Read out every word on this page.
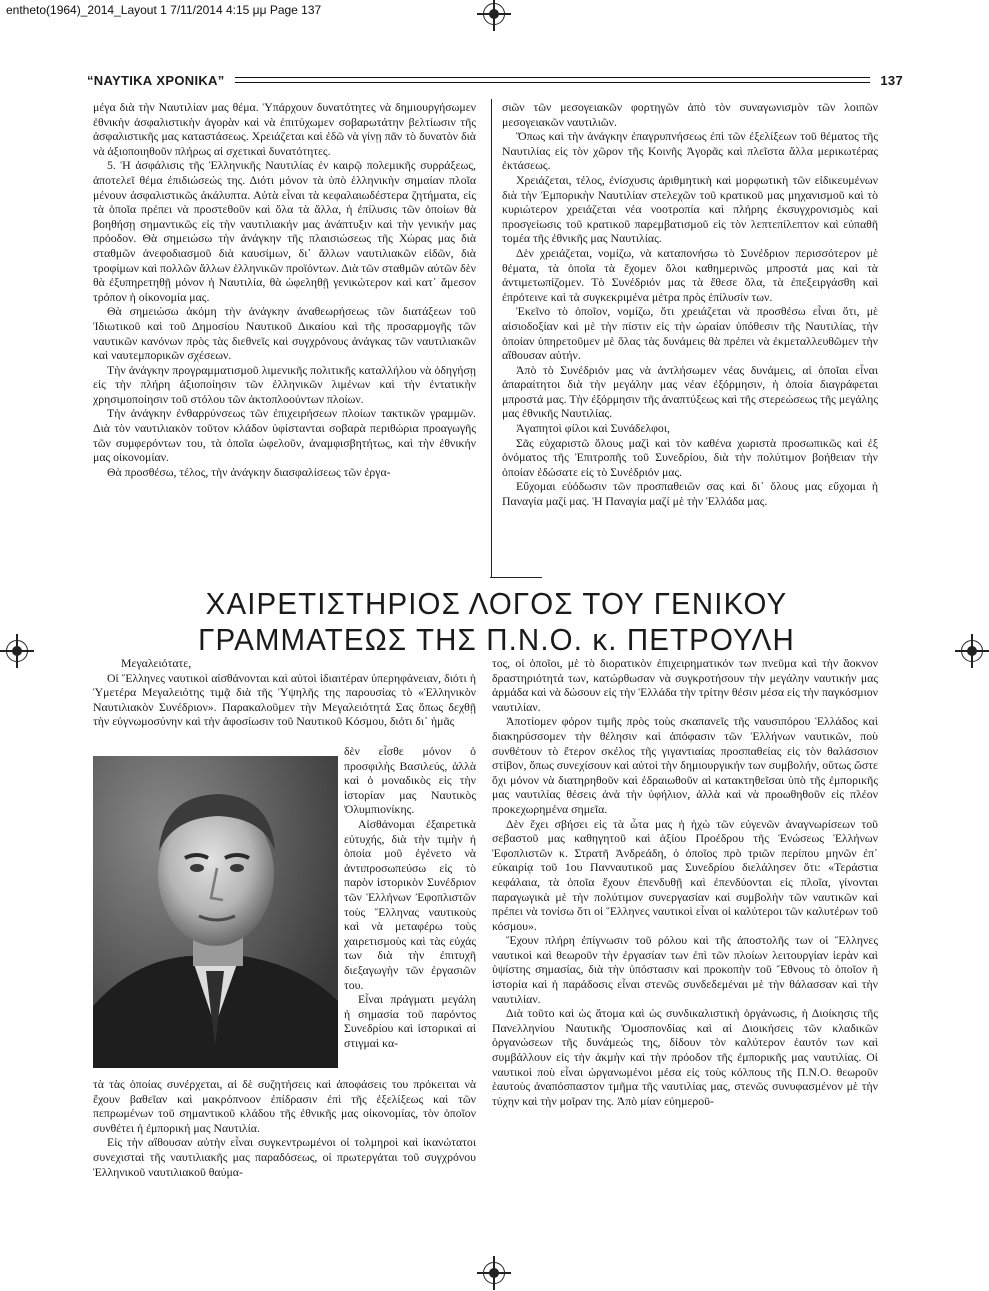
entheto(1964)_2014_Layout 1 7/11/2014 4:15 μμ Page 137
“ΝΑΥΤΙΚΑ ΧΡΟΝΙΚΑ”	137

μέγα διὰ τὴν Ναυτιλίαν μας θέμα. Ὑπάρχουν δυνατότητες νὰ δημιουργήσωμεν ἐθνικὴν ἀσφαλιστικὴν ἀγορὰν καὶ νὰ ἐπιτύχωμεν σοβαρωτάτην βελτίωσιν τῆς ἀσφαλιστικῆς μας καταστάσεως. Χρειάζεται καὶ ἐδῶ νὰ γίνῃ πᾶν τὸ δυνατὸν διὰ νὰ ἀξιοποιηθοῦν πλήρως αἱ σχετικαὶ δυνατότητες.

5. Ἡ ἀσφάλισις τῆς Ἑλληνικῆς Ναυτιλίας ἐν καιρῷ πολεμικῆς συρράξεως, ἀποτελεῖ θέμα ἐπιδιώσεώς της. Διότι μόνον τὰ ὑπὸ ἑλληνικὴν σημαίαν πλοῖα μένουν ἀσφαλιστικῶς ἀκάλυπτα. Αὐτὰ εἶναι τὰ κεφαλαιωδέστερα ζητήματα, εἰς τὰ ὁποῖα πρέπει νὰ προστεθοῦν καὶ ὅλα τὰ ἄλλα, ἡ ἐπίλυσις τῶν ὁποίων θὰ βοηθήσῃ σημαντικῶς εἰς τὴν ναυτιλιακήν μας ἀνάπτυξιν καὶ τὴν γενικήν μας πρόοδον. Θὰ σημειώσω τὴν ἀνάγκην τῆς πλαισιώσεως τῆς Χώρας μας διὰ σταθμῶν ἀνεφοδιασμοῦ διὰ καυσίμων, δι᾿ ἄλλων ναυτιλιακῶν εἰδῶν, διὰ τροφίμων καὶ πολλῶν ἄλλων ἑλληνικῶν προϊόντων. Διὰ τῶν σταθμῶν αὐτῶν δὲν θὰ ἐξυπηρετηθῇ μόνον ἡ Ναυτιλία, θὰ ὠφεληθῇ γενικώτερον καὶ κατ᾿ ἄμεσον τρόπον ἡ οἰκονομία μας.

Θὰ σημειώσω ἀκόμη τὴν ἀνάγκην ἀναθεωρήσεως τῶν διατάξεων τοῦ Ἰδιωτικοῦ καὶ τοῦ Δημοσίου Ναυτικοῦ Δικαίου καὶ τῆς προσαρμογῆς τῶν ναυτικῶν κανόνων πρὸς τὰς διεθνεῖς καὶ συγχρόνους ἀνάγκας τῶν ναυτιλιακῶν καὶ ναυτεμπορικῶν σχέσεων.

Τὴν ἀνάγκην προγραμματισμοῦ λιμενικῆς πολιτικῆς καταλλήλου νὰ ὁδηγήσῃ εἰς τὴν πλήρη ἀξιοποίησιν τῶν ἑλληνικῶν λιμένων καὶ τὴν ἐντατικὴν χρησιμοποίησιν τοῦ στόλου τῶν ἀκτοπλοούντων πλοίων.

Τὴν ἀνάγκην ἐνθαρρύνσεως τῶν ἐπιχειρήσεων πλοίων τακτικῶν γραμμῶν. Διὰ τὸν ναυτιλιακὸν τοῦτον κλάδον ὑφίστανται σοβαρὰ περιθώρια προαγωγῆς τῶν συμφερόντων του, τὰ ὁποῖα ὠφελοῦν, ἀναμφισβητήτως, καὶ τὴν ἐθνικήν μας οἰκονομίαν.

Θὰ προσθέσω, τέλος, τὴν ἀνάγκην διασφαλίσεως τῶν ἐργα-

σιῶν τῶν μεσογειακῶν φορτηγῶν ἀπὸ τὸν συναγωνισμὸν τῶν λοιπῶν μεσογειακῶν ναυτιλιῶν.

Ὅπως καὶ τὴν ἀνάγκην ἐπαγρυπνήσεως ἐπὶ τῶν ἐξελίξεων τοῦ θέματος τῆς Ναυτιλίας εἰς τὸν χῶρον τῆς Κοινῆς Ἀγορᾶς καὶ πλεῖστα ἄλλα μερικωτέρας ἐκτάσεως.

Χρειάζεται, τέλος, ἐνίσχυσις ἀριθμητικὴ καὶ μορφωτικὴ τῶν εἰδικευμένων διὰ τὴν Ἐμπορικὴν Ναυτιλίαν στελεχῶν τοῦ κρατικοῦ μας μηχανισμοῦ καὶ τὸ κυριώτερον χρειάζεται νέα νοοτροπία καὶ πλήρης ἐκσυγχρονισμὸς καὶ προσγείωσις τοῦ κρατικοῦ παρεμβατισμοῦ εἰς τὸν λεπτεπίλεπτον καὶ εὐπαθῆ τομέα τῆς ἐθνικῆς μας Ναυτιλίας.

Δὲν χρειάζεται, νομίζω, νὰ καταπονήσω τὸ Συνέδριον περισσότερον μὲ θέματα, τὰ ὁποῖα τὰ ἔχομεν ὅλοι καθημερινῶς μπροστά μας καὶ τὰ ἀντιμετωπίζομεν. Τὸ Συνέδριόν μας τὰ ἔθεσε ὅλα, τὰ ἐπεξειργάσθη καὶ ἐπρότεινε καὶ τὰ συγκεκριμένα μέτρα πρὸς ἐπίλυσίν των.

Ἐκεῖνο τὸ ὁποῖον, νομίζω, ὅτι χρειάζεται νὰ προσθέσω εἶναι ὅτι, μὲ αἰσιοδοξίαν καὶ μὲ τὴν πίστιν εἰς τὴν ὡραίαν ὑπόθεσιν τῆς Ναυτιλίας, τὴν ὁποίαν ὑπηρετοῦμεν μὲ ὅλας τὰς δυνάμεις θὰ πρέπει νὰ ἐκμεταλλευθῶμεν τὴν αἴθουσαν αὐτήν.

Ἀπὸ τὸ Συνέδριόν μας νὰ ἀντλήσωμεν νέας δυνάμεις, αἱ ὁποῖαι εἶναι ἀπαραίτητοι διὰ τὴν μεγάλην μας νέαν ἐξόρμησιν, ἡ ὁποία διαγράφεται μπροστά μας. Τὴν ἐξόρμησιν τῆς ἀναπτύξεως καὶ τῆς στερεώσεως τῆς μεγάλης μας ἐθνικῆς Ναυτιλίας.

Ἀγαπητοὶ φίλοι καὶ Συνάδελφοι,

Σᾶς εὐχαριστῶ ὅλους μαζὶ καὶ τὸν καθένα χωριστὰ προσωπικῶς καὶ ἐξ ὀνόματος τῆς Ἐπιτροπῆς τοῦ Συνεδρίου, διὰ τὴν πολύτιμον βοήθειαν τὴν ὁποίαν ἐδώσατε εἰς τὸ Συνέδριόν μας.

Εὔχομαι εὐόδωσιν τῶν προσπαθειῶν σας καὶ δι᾿ ὅλους μας εὔχομαι ἡ Παναγία μαζί μας. Ἡ Παναγία μαζί μὲ τὴν Ἑλλάδα μας.

ΧΑΙΡΕΤΙΣΤΗΡΙΟΣ ΛΟΓΟΣ ΤΟΥ ΓΕΝΙΚΟΥ
ΓΡΑΜΜΑΤΕΩΣ ΤΗΣ Π.Ν.Ο. κ. ΠΕΤΡΟΥΛΗ

Μεγαλειότατε,

Οἱ Ἕλληνες ναυτικοὶ αἰσθάνονται καὶ αὐτοὶ ἰδιαιτέραν ὑπερηφάνειαν, διότι ἡ Ὑμετέρα Μεγαλειότης τιμᾷ διὰ τῆς Ὑψηλῆς της παρουσίας τὸ «Ἑλληνικὸν Ναυτιλιακὸν Συνέδριον». Παρακαλοῦμεν τὴν Μεγαλειότητά Σας ὅπως δεχθῇ τὴν εὐγνωμοσύνην καὶ τὴν ἀφοσίωσιν τοῦ Ναυτικοῦ Κόσμου, διότι δι᾿ ἡμᾶς

δὲν εἶσθε μόνον ὁ προσφιλὴς Βασιλεύς, ἀλλὰ καὶ ὁ μοναδικὸς εἰς τὴν ἱστορίαν μας Ναυτικὸς Ὀλυμπιονίκης.

Αἰσθάνομαι ἐξαιρετικὰ εὐτυχής, διὰ τὴν τιμὴν ἡ ὁποία μοῦ ἐγένετο νὰ ἀντιπροσωπεύσω εἰς τὸ παρὸν ἱστορικὸν Συνέδριον τῶν Ἑλλήνων Ἐφοπλιστῶν τοὺς Ἕλληνας ναυτικοὺς καὶ νὰ μεταφέρω τοὺς χαιρετισμοὺς καὶ τὰς εὐχάς των διὰ τὴν ἐπιτυχῆ διεξαγωγὴν τῶν ἐργασιῶν του.

Εἶναι πράγματι μεγάλη ἡ σημασία τοῦ παρόντος Συνεδρίου καὶ ἱστορικαὶ αἱ στιγμαὶ κα-

τὰ τὰς ὁποίας συνέρχεται, αἱ δὲ συζητήσεις καὶ ἀποφάσεις του πρόκειται νὰ ἔχουν βαθεῖαν καὶ μακρόπνοον ἐπίδρασιν ἐπὶ τῆς ἐξελίξεως καὶ τῶν πεπρωμένων τοῦ σημαντικοῦ κλάδου τῆς ἐθνικῆς μας οἰκονομίας, τὸν ὁποῖον συνθέτει ἡ ἐμπορική μας Ναυτιλία.

Εἰς τὴν αἴθουσαν αὐτὴν εἶναι συγκεντρωμένοι οἱ τολμηροὶ καὶ ἱκανώτατοι συνεχισταὶ τῆς ναυτιλιακῆς μας παραδόσεως, οἱ πρωτεργάται τοῦ συγχρόνου Ἑλληνικοῦ ναυτιλιακοῦ θαύμα-

τος, οἱ ὁποῖοι, μὲ τὸ διορατικὸν ἐπιχειρηματικόν των πνεῦμα καὶ τὴν ἄοκνον δραστηριότητά των, κατώρθωσαν νὰ συγκροτήσουν τὴν μεγάλην ναυτικήν μας ἀρμάδα καὶ νὰ δώσουν εἰς τὴν Ἑλλάδα τὴν τρίτην θέσιν μέσα εἰς τὴν παγκόσμιον ναυτιλίαν.

Ἀποτίομεν φόρον τιμῆς πρὸς τοὺς σκαπανεῖς τῆς ναυσιπόρου Ἑλλάδος καὶ διακηρύσσομεν τὴν θέλησιν καὶ ἀπόφασιν τῶν Ἑλλήνων ναυτικῶν, ποὺ συνθέτουν τὸ ἕτερον σκέλος τῆς γιγαντιαίας προσπαθείας εἰς τὸν θαλάσσιον στίβον, ὅπως συνεχίσουν καὶ αὐτοὶ τὴν δημιουργικήν των συμβολήν, οὕτως ὥστε ὄχι μόνον νὰ διατηρηθοῦν καὶ ἑδραιωθοῦν αἱ κατακτηθεῖσαι ὑπὸ τῆς ἐμπορικῆς μας ναυτιλίας θέσεις ἀνὰ τὴν ὑφήλιον, ἀλλὰ καὶ νὰ προωθηθοῦν εἰς πλέον προκεχωρημένα σημεῖα.

Δὲν ἔχει σβήσει εἰς τὰ ὦτα μας ἡ ἠχὼ τῶν εὐγενῶν ἀναγνωρίσεων τοῦ σεβαστοῦ μας καθηγητοῦ καὶ ἀξίου Προέδρου τῆς Ἑνώσεως Ἑλλήνων Ἐφοπλιστῶν κ. Στρατῆ Ἀνδρεάδη, ὁ ὁποῖος πρὸ τριῶν περίπου μηνῶν ἐπ᾿ εὐκαιρίᾳ τοῦ 1ου Πανναυτικοῦ μας Συνεδρίου διελάλησεν ὅτι: «Τεράστια κεφάλαια, τὰ ὁποῖα ἔχουν ἐπενδυθῇ καὶ ἐπενδύονται εἰς πλοῖα, γίνονται παραγωγικὰ μὲ τὴν πολύτιμον συνεργασίαν καὶ συμβολὴν τῶν ναυτικῶν καὶ πρέπει νὰ τονίσω ὅτι οἱ Ἕλληνες ναυτικοὶ εἶναι οἱ καλύτεροι τῶν καλυτέρων τοῦ κόσμου».

Ἔχουν πλήρη ἐπίγνωσιν τοῦ ρόλου καὶ τῆς ἀποστολῆς των οἱ Ἕλληνες ναυτικοὶ καὶ θεωροῦν τὴν ἐργασίαν των ἐπὶ τῶν πλοίων λειτουργίαν ἱερὰν καὶ ὑψίστης σημασίας, διὰ τὴν ὑπόστασιν καὶ προκοπὴν τοῦ Ἔθνους τὸ ὁποῖον ἡ ἱστορία καὶ ἡ παράδοσις εἶναι στενῶς συνδεδεμέναι μὲ τὴν θάλασσαν καὶ τὴν ναυτιλίαν.

Διὰ τοῦτο καὶ ὡς ἄτομα καὶ ὡς συνδικαλιστικὴ ὀργάνωσις, ἡ Διοίκησις τῆς Πανελληνίου Ναυτικῆς Ὁμοσπονδίας καὶ αἱ Διοικήσεις τῶν κλαδικῶν ὀργανώσεων τῆς δυνάμεώς της, δίδουν τὸν καλύτερον ἑαυτόν των καὶ συμβάλλουν εἰς τὴν ἀκμὴν καὶ τὴν πρόοδον τῆς ἐμπορικῆς μας ναυτιλίας. Οἱ ναυτικοὶ ποὺ εἶναι ὡργανωμένοι μέσα εἰς τοὺς κόλπους τῆς Π.Ν.Ο. θεωροῦν ἑαυτοὺς ἀναπόσπαστον τμῆμα τῆς ναυτιλίας μας, στενῶς συνυφασμένον μὲ τὴν τύχην καὶ τὴν μοῖραν της. Ἀπὸ μίαν εὐημεροῦ-
